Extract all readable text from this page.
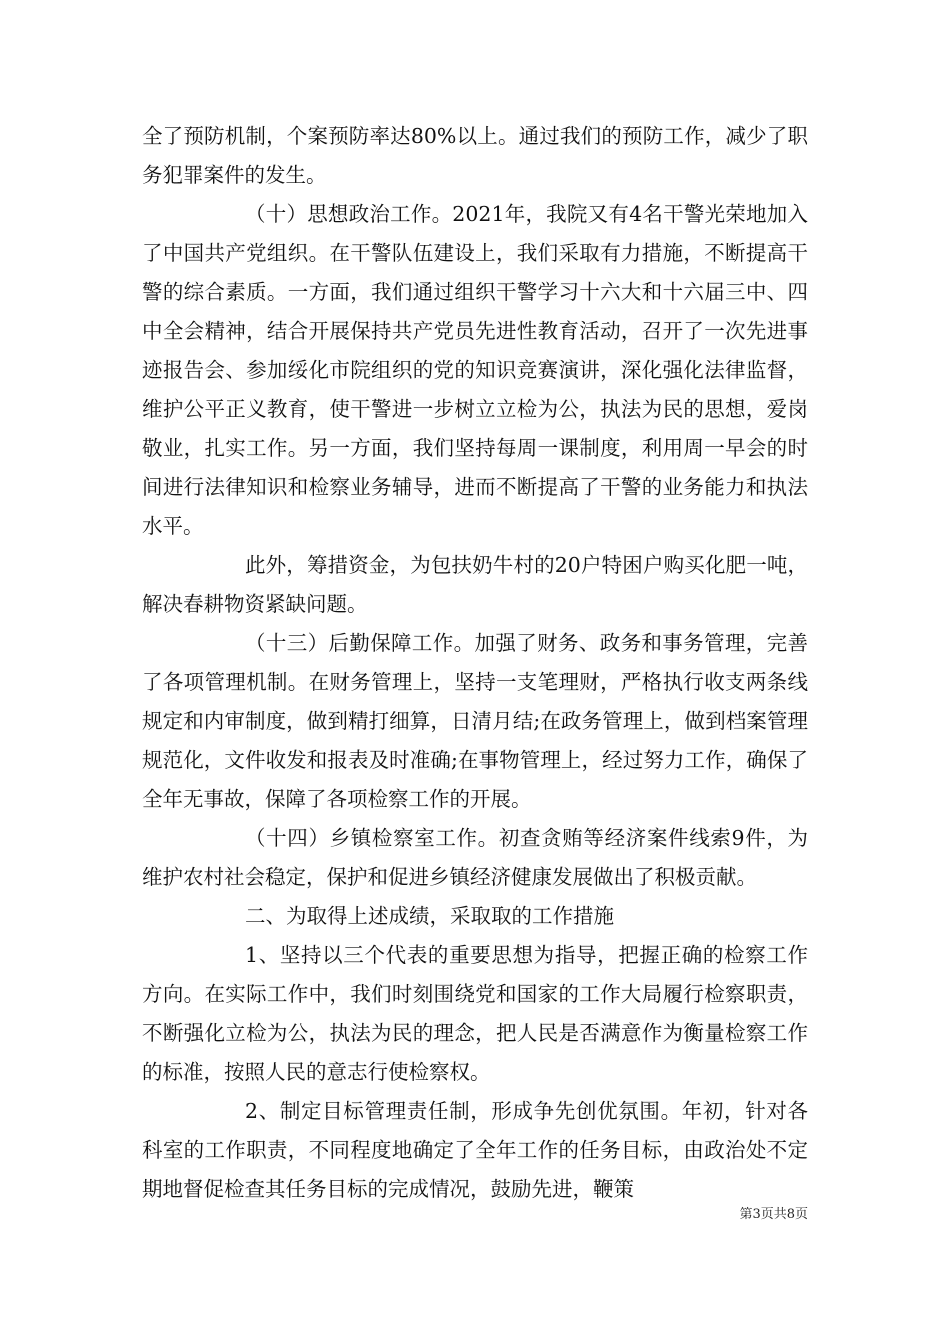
全了预防机制，个案预防率达80%以上。通过我们的预防工作，减少了职务犯罪案件的发生。

（十）思想政治工作。2021年，我院又有4名干警光荣地加入了中国共产党组织。在干警队伍建设上，我们采取有力措施，不断提高干警的综合素质。一方面，我们通过组织干警学习十六大和十六届三中、四中全会精神，结合开展保持共产党员先进性教育活动，召开了一次先进事迹报告会、参加绥化市院组织的党的知识竞赛演讲，深化强化法律监督，维护公平正义教育，使干警进一步树立立检为公，执法为民的思想，爱岗敬业，扎实工作。另一方面，我们坚持每周一课制度，利用周一早会的时间进行法律知识和检察业务辅导，进而不断提高了干警的业务能力和执法水平。

此外，筹措资金，为包扶奶牛村的20户特困户购买化肥一吨，解决春耕物资紧缺问题。

（十三）后勤保障工作。加强了财务、政务和事务管理，完善了各项管理机制。在财务管理上，坚持一支笔理财，严格执行收支两条线规定和内审制度，做到精打细算，日清月结;在政务管理上，做到档案管理规范化，文件收发和报表及时准确;在事物管理上，经过努力工作，确保了全年无事故，保障了各项检察工作的开展。

（十四）乡镇检察室工作。初查贪贿等经济案件线索9件，为维护农村社会稳定，保护和促进乡镇经济健康发展做出了积极贡献。

二、为取得上述成绩，采取取的工作措施

1、坚持以三个代表的重要思想为指导，把握正确的检察工作方向。在实际工作中，我们时刻围绕党和国家的工作大局履行检察职责，不断强化立检为公，执法为民的理念，把人民是否满意作为衡量检察工作的标准，按照人民的意志行使检察权。

2、制定目标管理责任制，形成争先创优氛围。年初，针对各科室的工作职责，不同程度地确定了全年工作的任务目标，由政治处不定期地督促检查其任务目标的完成情况，鼓励先进，鞭策

第3页共8页
